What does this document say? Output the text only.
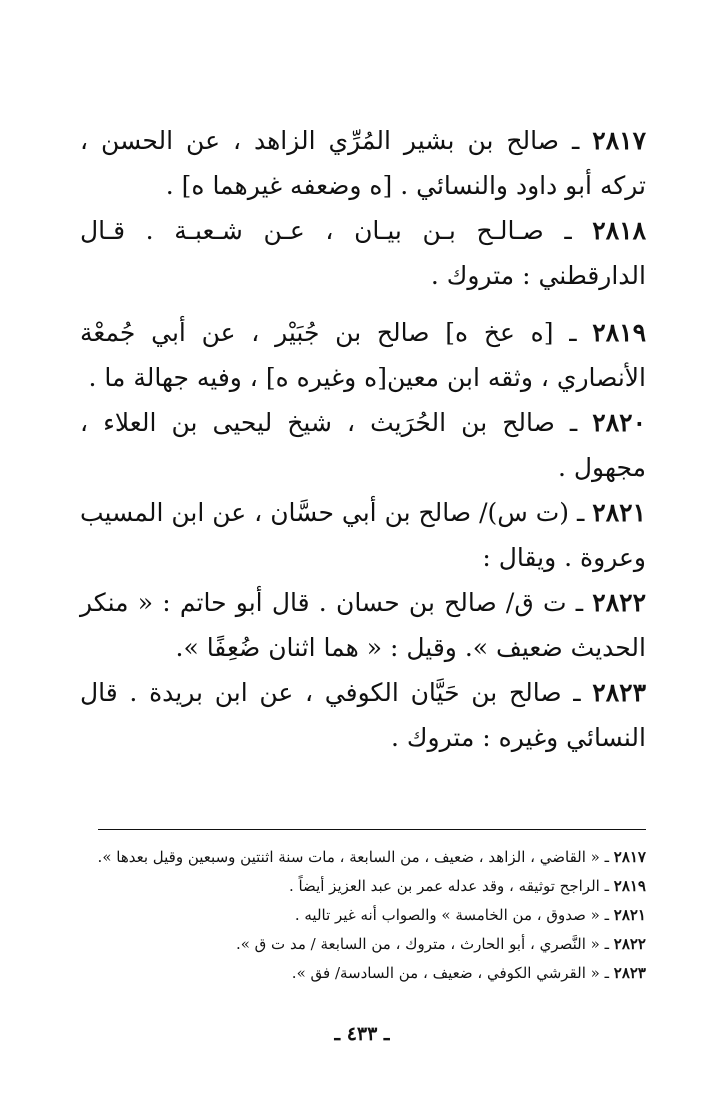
٢٨١٧ ـ صالح بن بشير المُرِّي الزاهد ، عن الحسن ، تركه أبو داود والنسائي . [ه وضعفه غيرهما ه] .

٢٨١٨ ـ صـالـح بـن بيـان ، عـن شـعبـة . قـال الدارقطني : متروك .

٢٨١٩ ـ [ه عخ ه] صالح بن جُبَيْر ، عن أبي جُمعْة الأنصاري ، وثقه ابن معين[ه وغيره ه] ، وفيه جهالة ما .

٢٨٢٠ ـ صالح بن الحُرَيث ، شيخ ليحيى بن العلاء ، مجهول .

٢٨٢١ ـ (ت س)/ صالح بن أبي حسَّان ، عن ابن المسيب وعروة . ويقال :

٢٨٢٢ ـ ت ق/ صالح بن حسان . قال أبو حاتم : « منكر الحديث ضعيف ». وقيل : « هما اثنان ضُعِفًا ».

٢٨٢٣ ـ صالح بن حَيَّان الكوفي ، عن ابن بريدة . قال النسائي وغيره : متروك .

٢٨١٧ ـ « القاضي ، الزاهد ، ضعيف ، من السابعة ، مات سنة اثنتين وسبعين وقيل بعدها ».
٢٨١٩ ـ الراجح توثيقه ، وقد عدله عمر بن عبد العزيز أيضاً .
٢٨٢١ ـ « صدوق ، من الخامسة » والصواب أنه غير تاليه .
٢٨٢٢ ـ « النَّصري ، أبو الحارث ، متروك ، من السابعة / مد ت ق ».
٢٨٢٣ ـ « القرشي الكوفي ، ضعيف ، من السادسة/ فق ».
ـ ٤٣٣ ـ
